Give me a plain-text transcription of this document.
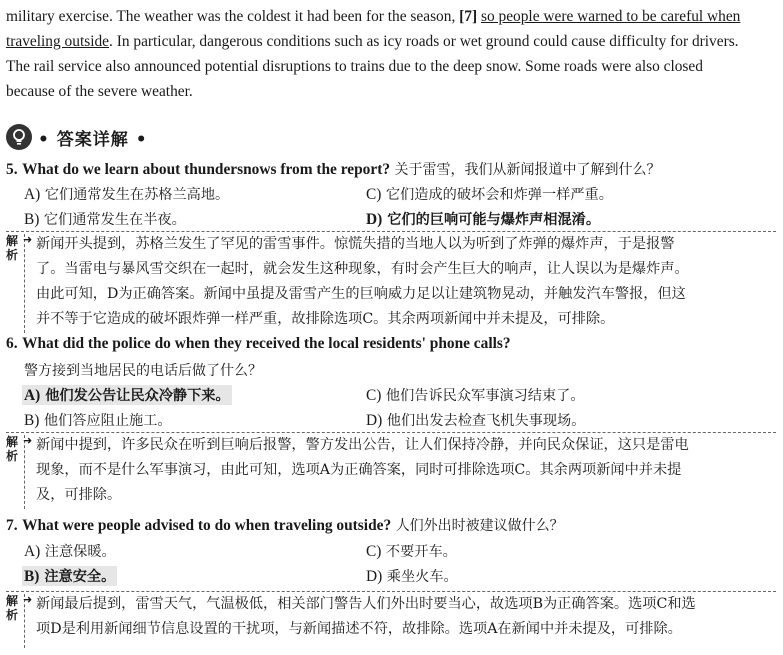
military exercise. The weather was the coldest it had been for the season, [7] so people were warned to be careful when
traveling outside. In particular, dangerous conditions such as icy roads or wet ground could cause difficulty for drivers.
The rail service also announced potential disruptions to trains due to the deep snow. Some roads were also closed
because of the severe weather.
• 答案详解 •
5. What do we learn about thundersnows from the report? 关于雷雪，我们从新闻报道中了解到什么？
A) 它们通常发生在苏格兰高地。	C) 它们造成的破坏会和炸弹一样严重。
B) 它们通常发生在半夜。	D) 它们的巨响可能与爆炸声相混淆。
解析
➜ 新闻开头提到，苏格兰发生了罕见的雷雪事件。惊慌失措的当地人以为听到了炸弹的爆炸声，于是报警
了。当雷电与暴风雪交织在一起时，就会发生这种现象，有时会产生巨大的响声，让人误以为是爆炸声。
由此可知，D为正确答案。新闻中虽提及雷雪产生的巨响威力足以让建筑物晃动，并触发汽车警报，但这
并不等于它造成的破坏跟炸弹一样严重，故排除选项C。其余两项新闻中并未提及，可排除。
6. What did the police do when they received the local residents' phone calls?
警方接到当地居民的电话后做了什么？
A) 他们发公告让民众冷静下来。	C) 他们告诉民众军事演习结束了。
B) 他们答应阻止施工。	D) 他们出发去检查飞机失事现场。
解析
➜ 新闻中提到，许多民众在听到巨响后报警，警方发出公告，让人们保持冷静，并向民众保证，这只是雷电
现象，而不是什么军事演习，由此可知，选项A为正确答案，同时可排除选项C。其余两项新闻中并未提
及，可排除。
7. What were people advised to do when traveling outside? 人们外出时被建议做什么？
A) 注意保暖。	C) 不要开车。
B) 注意安全。	D) 乘坐火车。
解析
➜ 新闻最后提到，雷雪天气，气温极低，相关部门警告人们外出时要当心，故选项B为正确答案。选项C和选
项D是利用新闻细节信息设置的干扰项，与新闻描述不符，故排除。选项A在新闻中并未提及，可排除。
